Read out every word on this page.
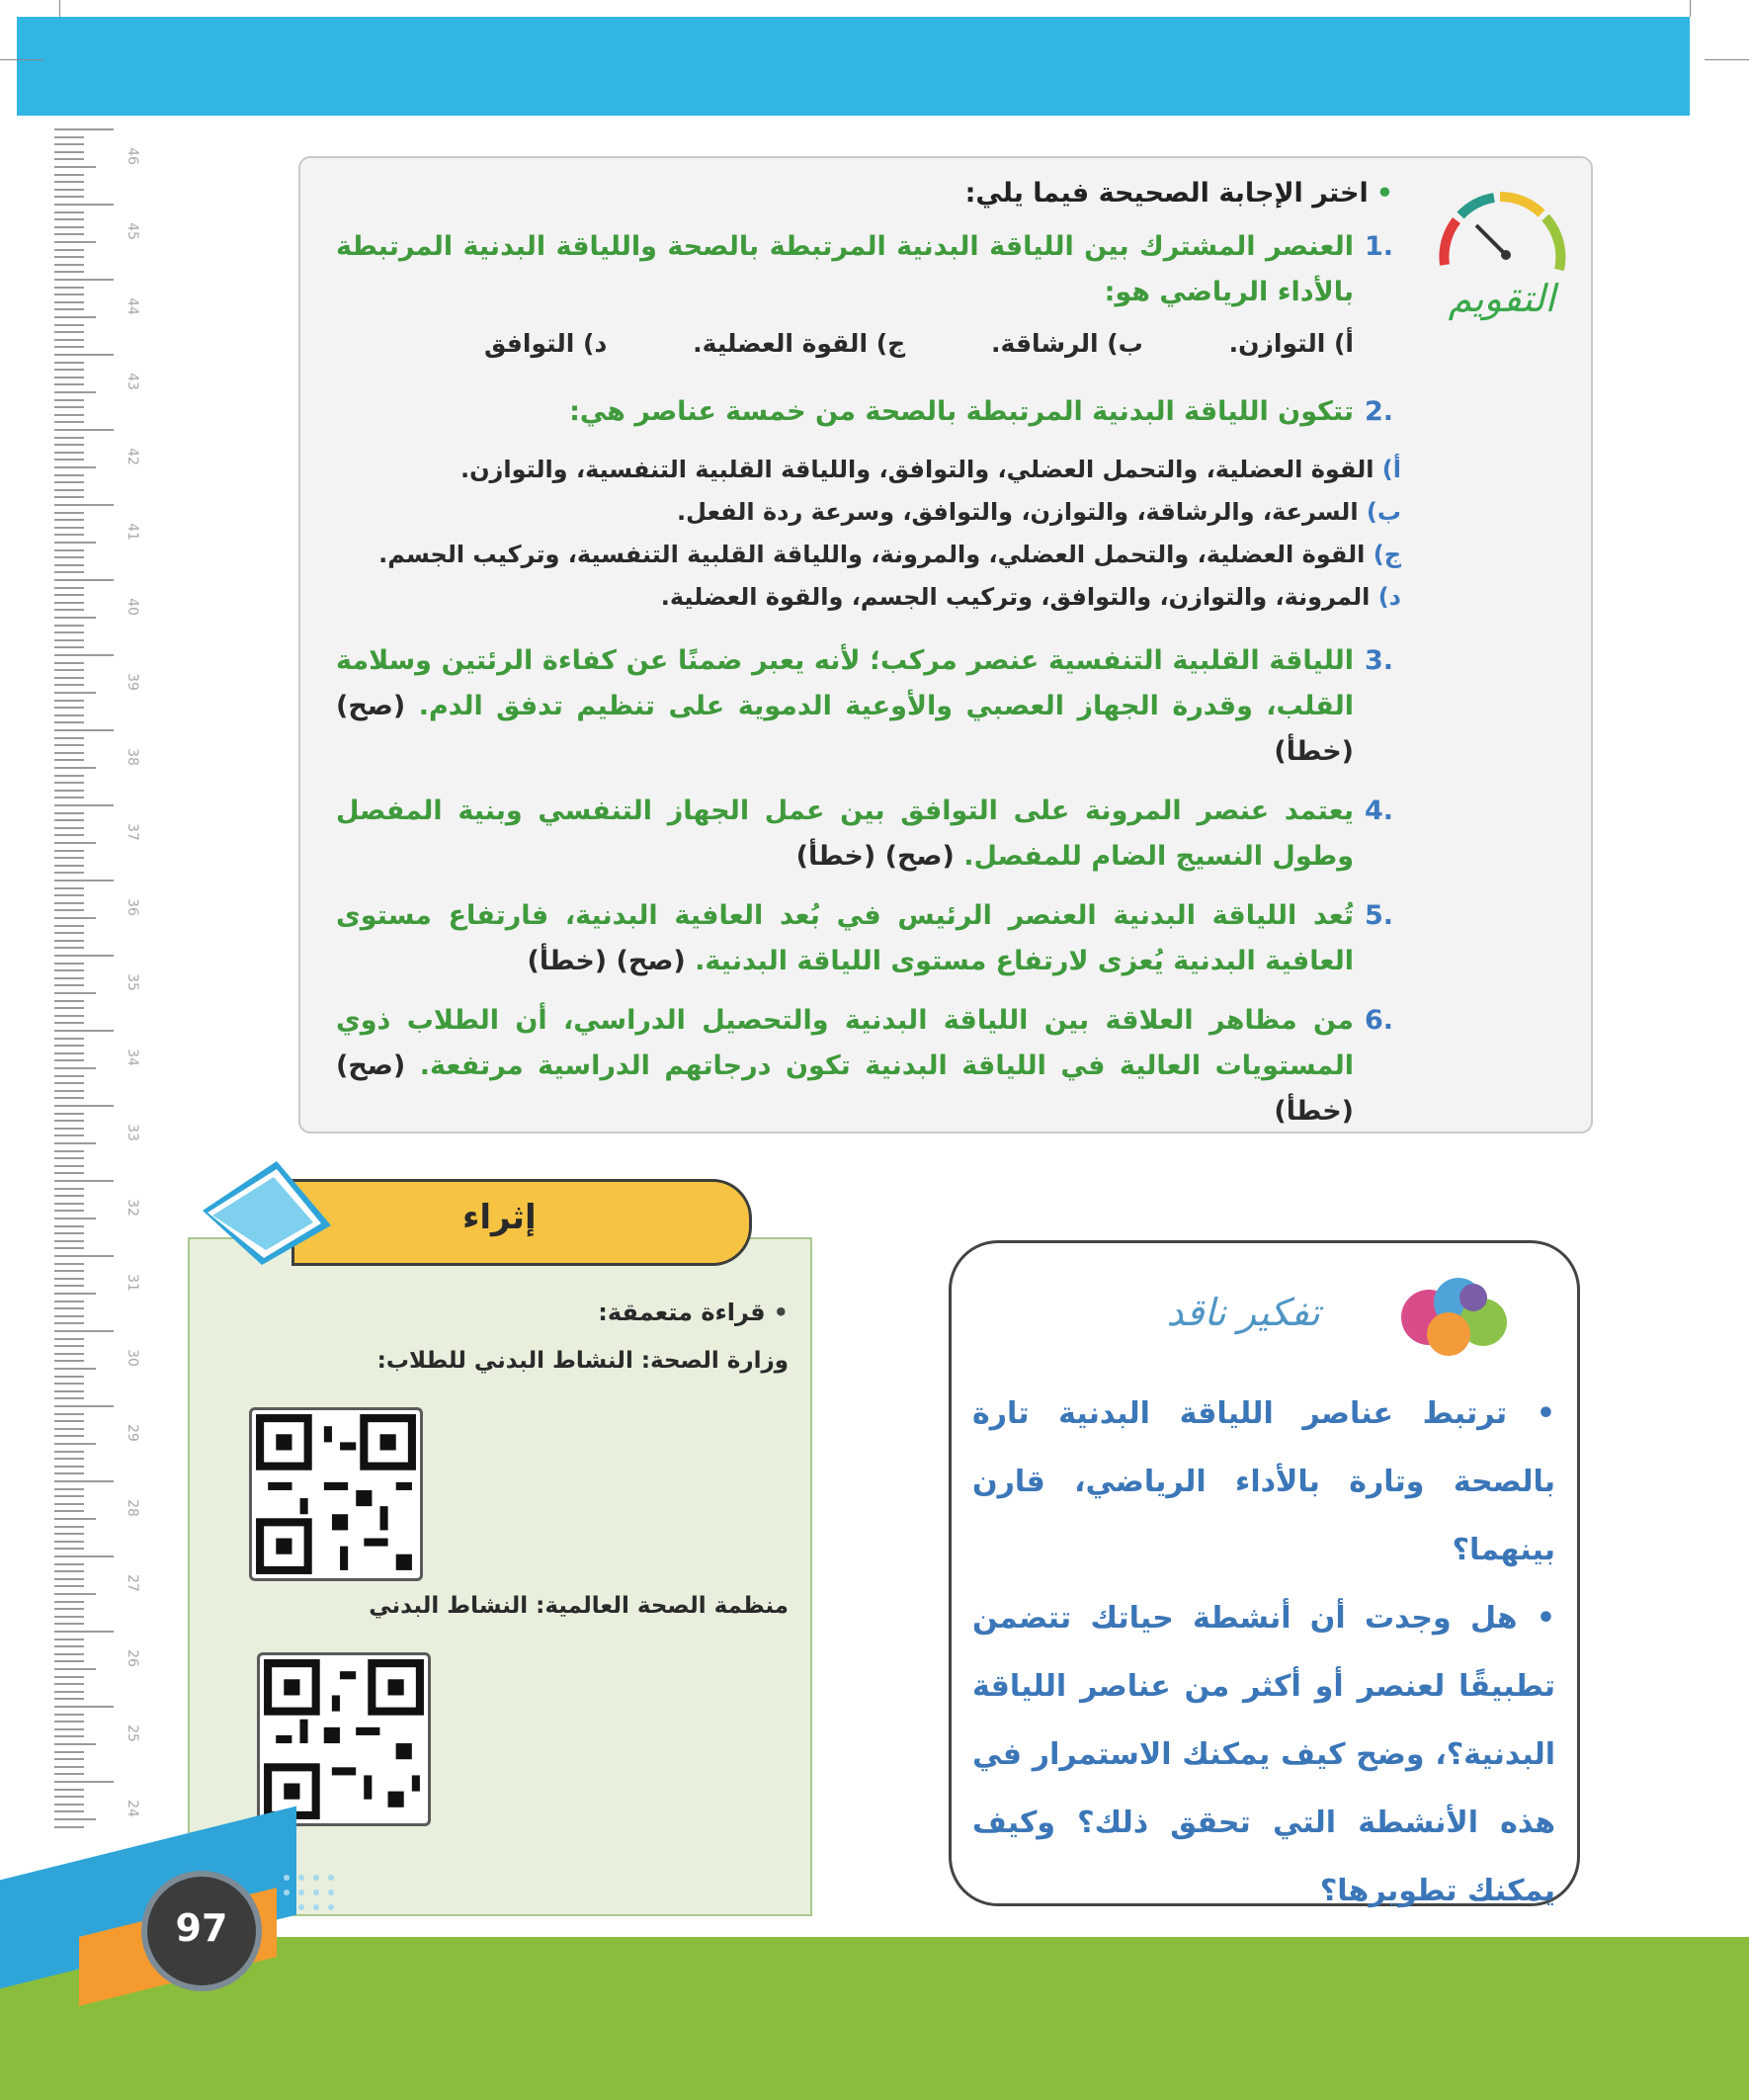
46
45
44
43
42
41
40
39
38
37
36
35
34
33
32
31
30
29
28
27
26
25
24
التقويم
•اختر الإجابة الصحيحة فيما يلي:
.1
العنصر المشترك بين اللياقة البدنية المرتبطة بالصحة واللياقة البدنية المرتبطة بالأداء الرياضي هو:
أ) التوازن.
ب) الرشاقة.
ج) القوة العضلية.
د) التوافق
.2
تتكون اللياقة البدنية المرتبطة بالصحة من خمسة عناصر هي:
أ) القوة العضلية، والتحمل العضلي، والتوافق، واللياقة القلبية التنفسية، والتوازن.
ب) السرعة، والرشاقة، والتوازن، والتوافق، وسرعة ردة الفعل.
ج) القوة العضلية، والتحمل العضلي، والمرونة، واللياقة القلبية التنفسية، وتركيب الجسم.
د) المرونة، والتوازن، والتوافق، وتركيب الجسم، والقوة العضلية.
.3
اللياقة القلبية التنفسية عنصر مركب؛ لأنه يعبر ضمنًا عن كفاءة الرئتين وسلامة القلب، وقدرة الجهاز العصبي والأوعية الدموية على تنظيم تدفق الدم. (صح) (خطأ)
.4
يعتمد عنصر المرونة على التوافق بين عمل الجهاز التنفسي وبنية المفصل وطول النسيج الضام للمفصل. (صح) (خطأ)
.5
تُعد اللياقة البدنية العنصر الرئيس في بُعد العافية البدنية، فارتفاع مستوى العافية البدنية يُعزى لارتفاع مستوى اللياقة البدنية. (صح) (خطأ)
.6
من مظاهر العلاقة بين اللياقة البدنية والتحصيل الدراسي، أن الطلاب ذوي المستويات العالية في اللياقة البدنية تكون درجاتهم الدراسية مرتفعة. (صح) (خطأ)
•قراءة متعمقة:
وزارة الصحة: النشاط البدني للطلاب:
منظمة الصحة العالمية: النشاط البدني
إثراء
تفكير ناقد
• ترتبط عناصر اللياقة البدنية تارة بالصحة وتارة بالأداء الرياضي، قارن بينهما؟
• هل وجدت أن أنشطة حياتك تتضمن تطبيقًا لعنصر أو أكثر من عناصر اللياقة البدنية؟، وضح كيف يمكنك الاستمرار في هذه الأنشطة التي تحقق ذلك؟ وكيف يمكنك تطويرها؟
97
